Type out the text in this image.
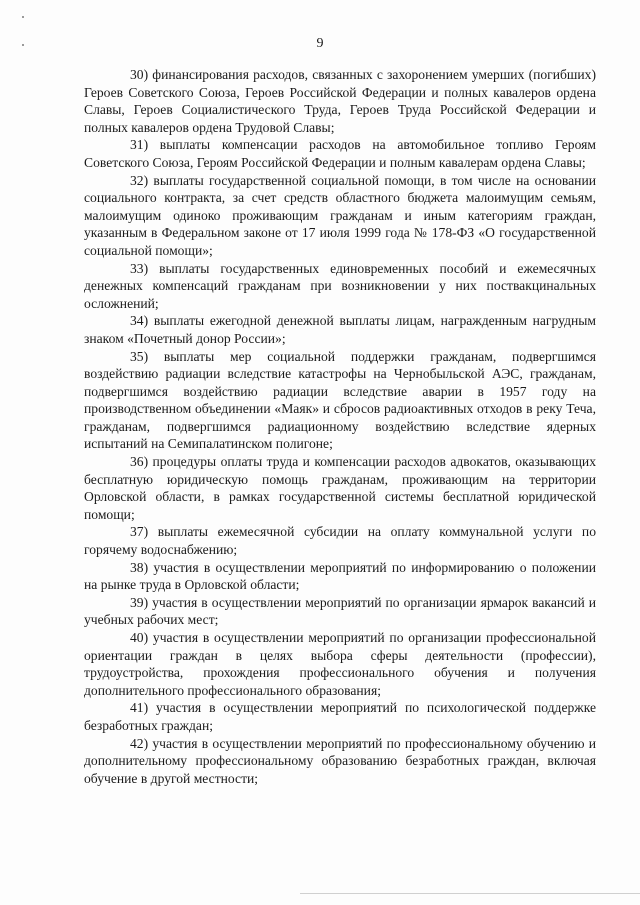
9

30) финансирования расходов, связанных с захоронением умерших (погибших) Героев Советского Союза, Героев Российской Федерации и полных кавалеров ордена Славы, Героев Социалистического Труда, Героев Труда Российской Федерации и полных кавалеров ордена Трудовой Славы;

31) выплаты компенсации расходов на автомобильное топливо Героям Советского Союза, Героям Российской Федерации и полным кавалерам ордена Славы;

32) выплаты государственной социальной помощи, в том числе на основании социального контракта, за счет средств областного бюджета малоимущим семьям, малоимущим одиноко проживающим гражданам и иным категориям граждан, указанным в Федеральном законе от 17 июля 1999 года № 178-ФЗ «О государственной социальной помощи»;

33) выплаты государственных единовременных пособий и ежемесячных денежных компенсаций гражданам при возникновении у них поствакцинальных осложнений;

34) выплаты ежегодной денежной выплаты лицам, награжденным нагрудным знаком «Почетный донор России»;

35) выплаты мер социальной поддержки гражданам, подвергшимся воздействию радиации вследствие катастрофы на Чернобыльской АЭС, гражданам, подвергшимся воздействию радиации вследствие аварии в 1957 году на производственном объединении «Маяк» и сбросов радиоактивных отходов в реку Теча, гражданам, подвергшимся радиационному воздействию вследствие ядерных испытаний на Семипалатинском полигоне;

36) процедуры оплаты труда и компенсации расходов адвокатов, оказывающих бесплатную юридическую помощь гражданам, проживающим на территории Орловской области, в рамках государственной системы бесплатной юридической помощи;

37) выплаты ежемесячной субсидии на оплату коммунальной услуги по горячему водоснабжению;

38) участия в осуществлении мероприятий по информированию о положении на рынке труда в Орловской области;

39) участия в осуществлении мероприятий по организации ярмарок вакансий и учебных рабочих мест;

40) участия в осуществлении мероприятий по организации профессиональной ориентации граждан в целях выбора сферы деятельности (профессии), трудоустройства, прохождения профессионального обучения и получения дополнительного профессионального образования;

41) участия в осуществлении мероприятий по психологической поддержке безработных граждан;

42) участия в осуществлении мероприятий по профессиональному обучению и дополнительному профессиональному образованию безработных граждан, включая обучение в другой местности;
